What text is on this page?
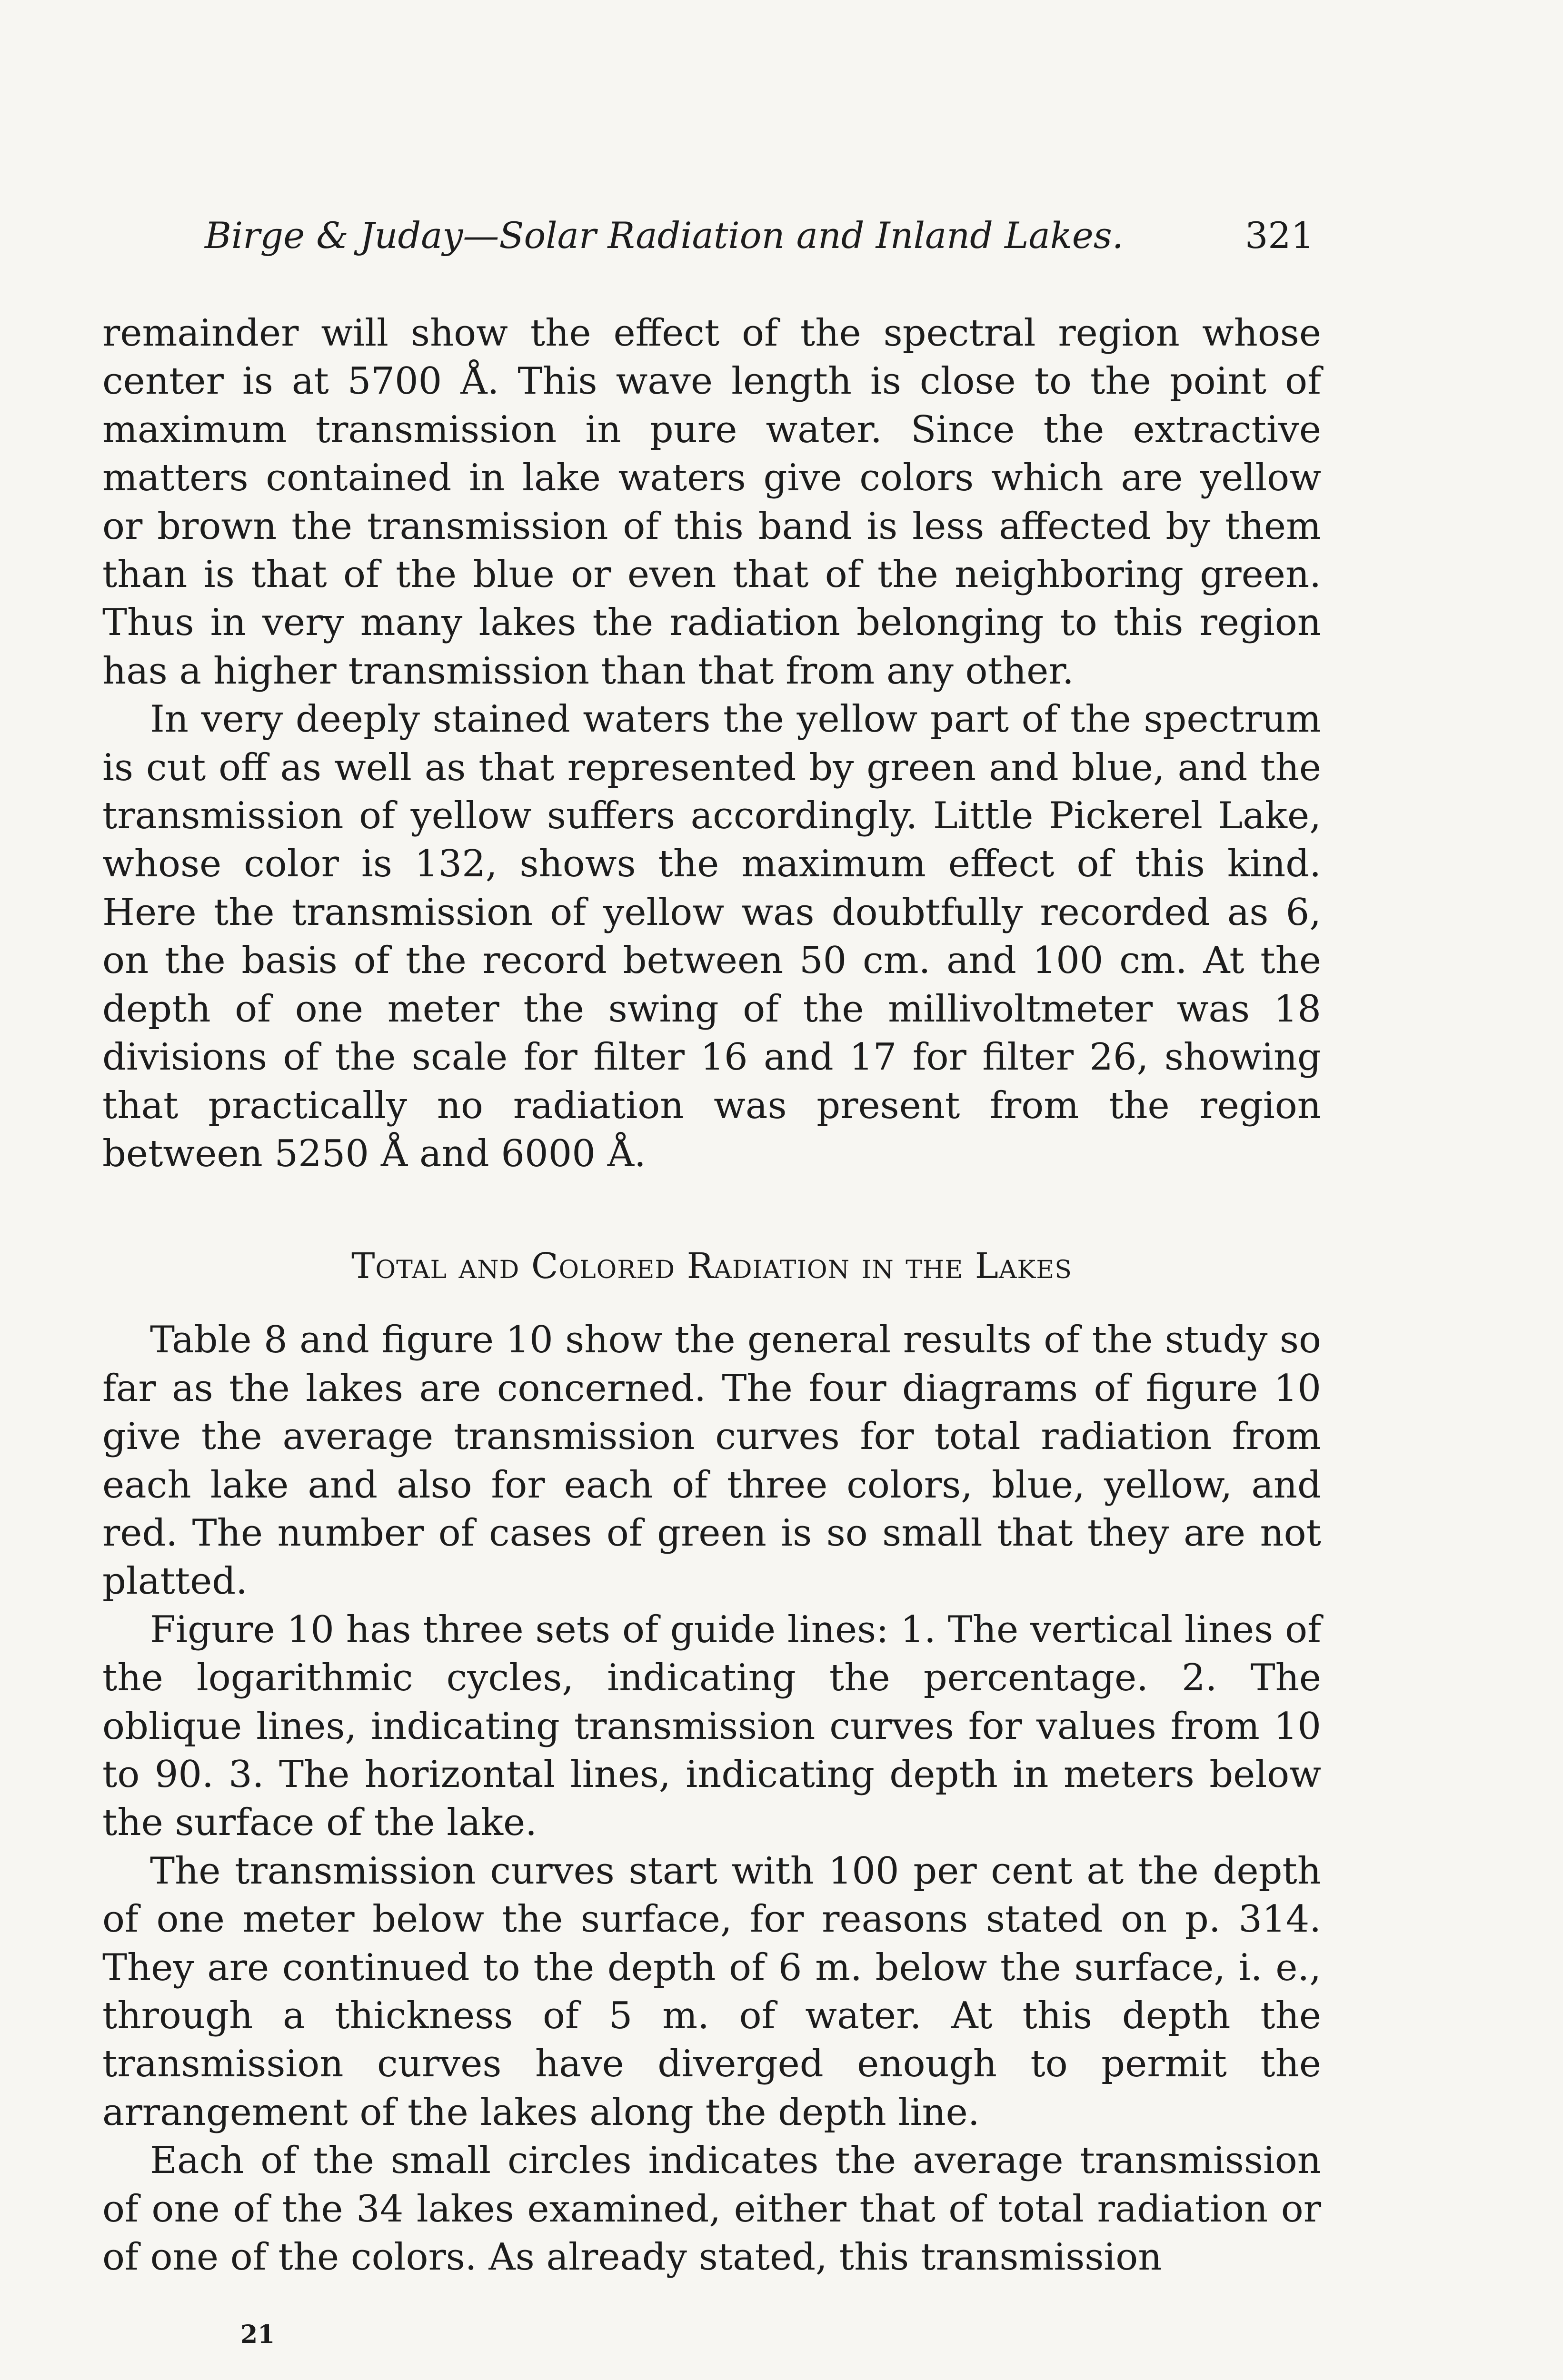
Birge & Juday—Solar Radiation and Inland Lakes.	321

remainder will show the effect of the spectral region whose center is at 5700 Å. This wave length is close to the point of maximum transmission in pure water. Since the extractive matters contained in lake waters give colors which are yellow or brown the transmission of this band is less affected by them than is that of the blue or even that of the neighboring green. Thus in very many lakes the radiation belonging to this region has a higher transmission than that from any other.

In very deeply stained waters the yellow part of the spectrum is cut off as well as that represented by green and blue, and the transmission of yellow suffers accordingly. Little Pickerel Lake, whose color is 132, shows the maximum effect of this kind. Here the transmission of yellow was doubtfully recorded as 6, on the basis of the record between 50 cm. and 100 cm. At the depth of one meter the swing of the millivoltmeter was 18 divisions of the scale for filter 16 and 17 for filter 26, showing that practically no radiation was present from the region between 5250 Å and 6000 Å.

Total and Colored Radiation in the Lakes

Table 8 and figure 10 show the general results of the study so far as the lakes are concerned. The four diagrams of figure 10 give the average transmission curves for total radiation from each lake and also for each of three colors, blue, yellow, and red. The number of cases of green is so small that they are not platted.

Figure 10 has three sets of guide lines: 1. The vertical lines of the logarithmic cycles, indicating the percentage. 2. The oblique lines, indicating transmission curves for values from 10 to 90. 3. The horizontal lines, indicating depth in meters below the surface of the lake.

The transmission curves start with 100 per cent at the depth of one meter below the surface, for reasons stated on p. 314. They are continued to the depth of 6 m. below the surface, i. e., through a thickness of 5 m. of water. At this depth the transmission curves have diverged enough to permit the arrangement of the lakes along the depth line.

Each of the small circles indicates the average transmission of one of the 34 lakes examined, either that of total radiation or of one of the colors. As already stated, this transmission

21
